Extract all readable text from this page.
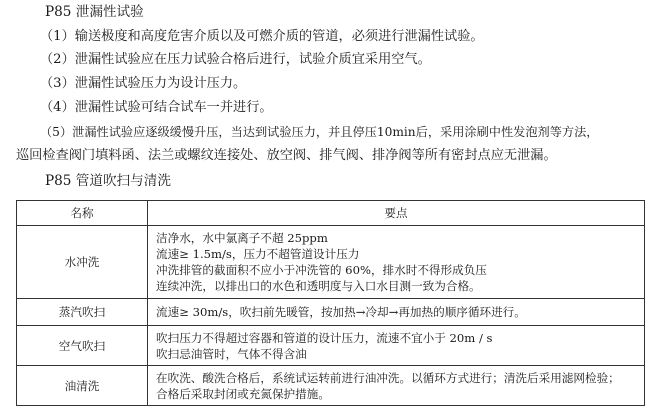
P85 泄漏性试验
（1）输送极度和高度危害介质以及可燃介质的管道，必须进行泄漏性试验。
（2）泄漏性试验应在压力试验合格后进行，试验介质宜采用空气。
（3）泄漏性试验压力为设计压力。
（4）泄漏性试验可结合试车一并进行。
（5）泄漏性试验应逐级缓慢升压，当达到试验压力，并且停压10min后，采用涂刷中性发泡剂等方法，
巡回检查阀门填料函、法兰或螺纹连接处、放空阀、排气阀、排净阀等所有密封点应无泄漏。
P85 管道吹扫与清洗
名称	要点
水冲洗	洁净水，水中氯离子不超 25ppm
流速≥ 1.5m/s，压力不超管道设计压力
冲洗排管的截面积不应小于冲洗管的 60%，排水时不得形成负压
连续冲洗，以排出口的水色和透明度与入口水目测一致为合格。

蒸汽吹扫	流速≥ 30m/s，吹扫前先暖管，按加热→冷却→再加热的顺序循环进行。

空气吹扫	吹扫压力不得超过容器和管道的设计压力，流速不宜小于 20m / s
吹扫忌油管时，气体不得含油

油清洗	在吹洗、酸洗合格后，系统试运转前进行油冲洗。以循环方式进行；清洗后采用滤网检验；
合格后采取封闭或充氮保护措施。
